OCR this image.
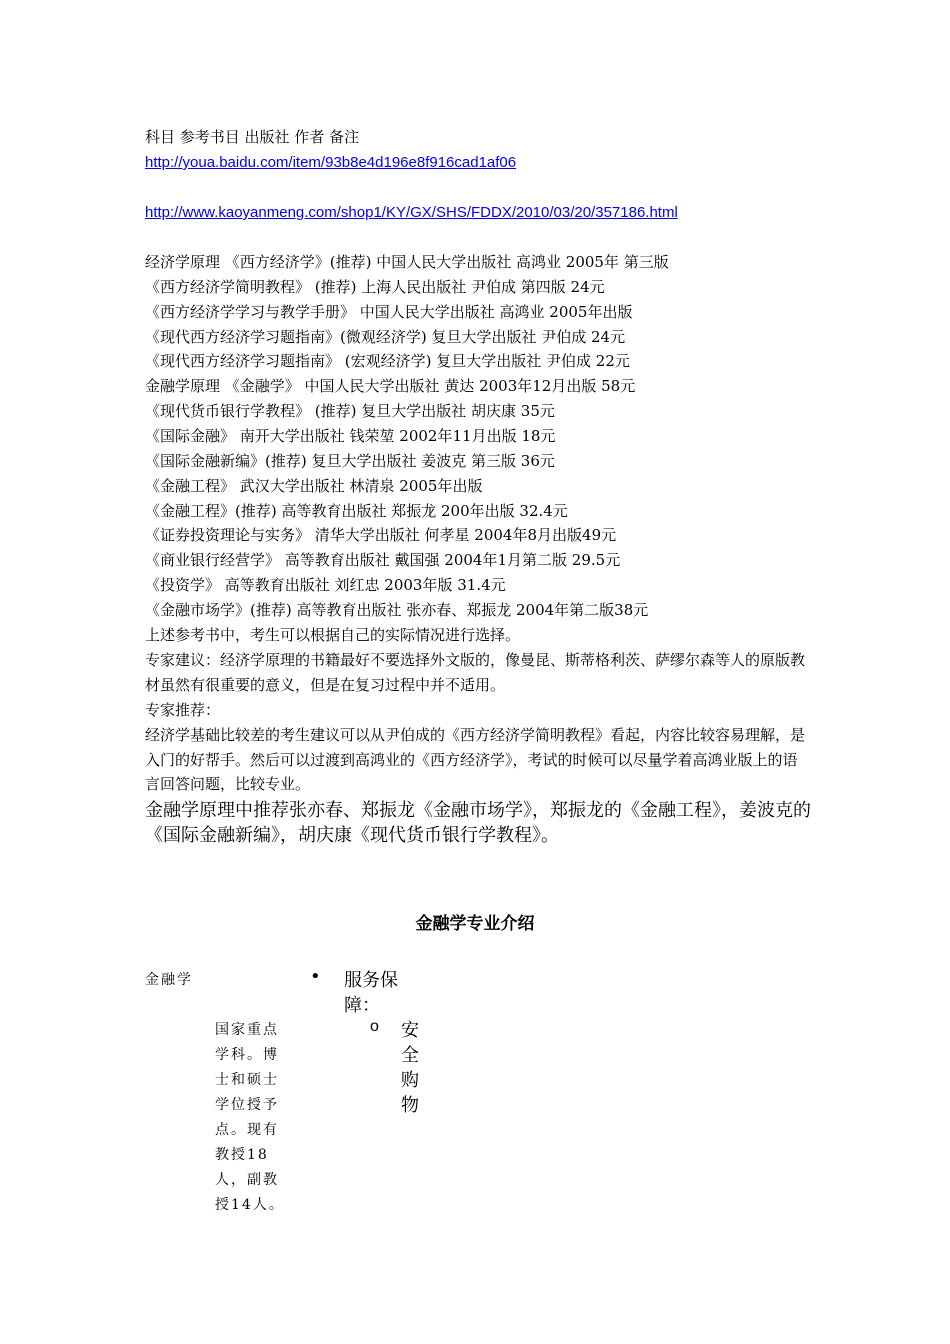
科目 参考书目 出版社 作者 备注
http://youa.baidu.com/item/93b8e4d196e8f916cad1af06
http://www.kaoyanmeng.com/shop1/KY/GX/SHS/FDDX/2010/03/20/357186.html
经济学原理 《西方经济学》(推荐) 中国人民大学出版社 高鸿业 2005年 第三版
《西方经济学简明教程》 (推荐) 上海人民出版社 尹伯成 第四版 24元
《西方经济学学习与教学手册》 中国人民大学出版社 高鸿业 2005年出版
《现代西方经济学习题指南》(微观经济学) 复旦大学出版社 尹伯成 24元
《现代西方经济学习题指南》 (宏观经济学) 复旦大学出版社 尹伯成 22元
金融学原理 《金融学》 中国人民大学出版社 黄达 2003年12月出版 58元
《现代货币银行学教程》 (推荐) 复旦大学出版社 胡庆康 35元
《国际金融》 南开大学出版社 钱荣堃 2002年11月出版 18元
《国际金融新编》(推荐) 复旦大学出版社 姜波克 第三版 36元
《金融工程》 武汉大学出版社 林清泉 2005年出版
《金融工程》(推荐) 高等教育出版社 郑振龙 200年出版 32.4元
《证券投资理论与实务》 清华大学出版社 何孝星 2004年8月出版49元
《商业银行经营学》 高等教育出版社 戴国强 2004年1月第二版 29.5元
《投资学》 高等教育出版社 刘红忠 2003年版 31.4元
《金融市场学》(推荐) 高等教育出版社 张亦春、郑振龙 2004年第二版38元
上述参考书中，考生可以根据自己的实际情况进行选择。
专家建议：经济学原理的书籍最好不要选择外文版的，像曼昆、斯蒂格利茨、萨缪尔森等人的原版教材虽然有很重要的意义，但是在复习过程中并不适用。
专家推荐：
经济学基础比较差的考生建议可以从尹伯成的《西方经济学简明教程》看起，内容比较容易理解，是入门的好帮手。然后可以过渡到高鸿业的《西方经济学》，考试的时候可以尽量学着高鸿业版上的语言回答问题，比较专业。
金融学原理中推荐张亦春、郑振龙《金融市场学》，郑振龙的《金融工程》，姜波克的《国际金融新编》，胡庆康《现代货币银行学教程》。
金融学专业介绍
金融学
国家重点学科。博士和硕士学位授予点。现有教授18人，副教授14人。
• 服务保障：
o 安全购物
